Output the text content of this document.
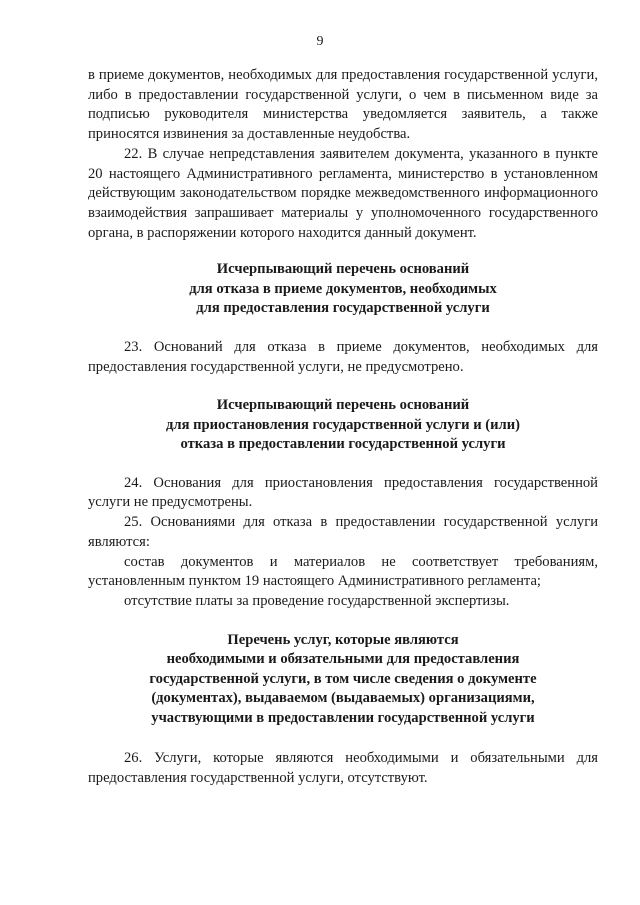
9

в приеме документов, необходимых для предоставления государственной услуги, либо в предоставлении государственной услуги, о чем в письменном виде за подписью руководителя министерства уведомляется заявитель, а также приносятся извинения за доставленные неудобства.

22. В случае непредставления заявителем документа, указанного в пункте 20 настоящего Административного регламента, министерство в установленном действующим законодательством порядке межведомственного информационного взаимодействия запрашивает материалы у уполномоченного государственного органа, в распоряжении которого находится данный документ.

Исчерпывающий перечень оснований
для отказа в приеме документов, необходимых
для предоставления государственной услуги

23. Оснований для отказа в приеме документов, необходимых для предоставления государственной услуги, не предусмотрено.

Исчерпывающий перечень оснований
для приостановления государственной услуги и (или)
отказа в предоставлении государственной услуги

24. Основания для приостановления предоставления государственной услуги не предусмотрены.

25. Основаниями для отказа в предоставлении государственной услуги являются:

состав документов и материалов не соответствует требованиям, установленным пунктом 19 настоящего Административного регламента;

отсутствие платы за проведение государственной экспертизы.

Перечень услуг, которые являются
необходимыми и обязательными для предоставления
государственной услуги, в том числе сведения о документе
(документах), выдаваемом (выдаваемых) организациями,
участвующими в предоставлении государственной услуги

26. Услуги, которые являются необходимыми и обязательными для предоставления государственной услуги, отсутствуют.
